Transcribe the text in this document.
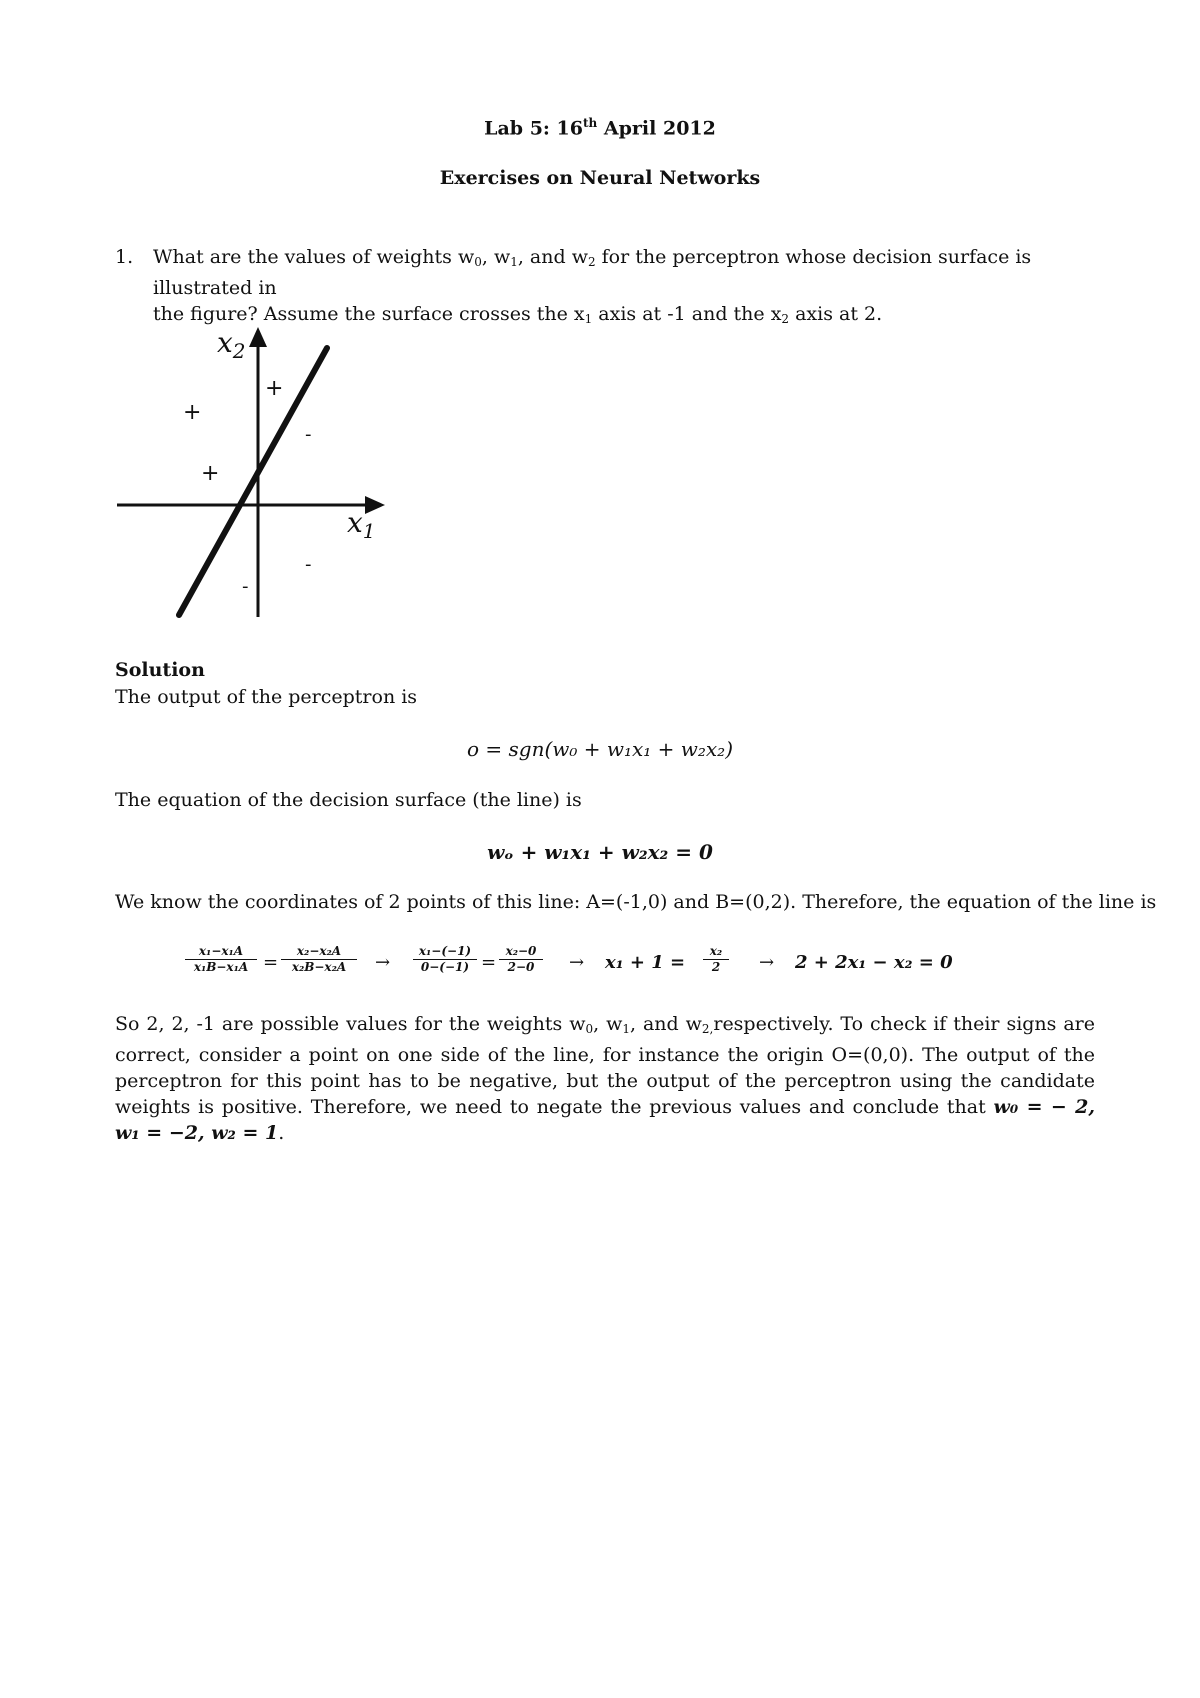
Lab 5: 16th April 2012
Exercises on Neural Networks
1. What are the values of weights $w_0$, $w_1$, and $w_2$ for the perceptron whose decision surface is illustrated in
the figure? Assume the surface crosses the $x_1$ axis at -1 and the $x_2$ axis at 2.
$x_2$
$x_1$
+
+
+
-
-
-
Solution
The output of the perceptron is
o = sgn(w₀ + w₁x₁ + w₂x₂)
The equation of the decision surface (the line) is
wₒ + w₁x₁ + w₂x₂ = 0
We know the coordinates of 2 points of this line: A=(-1,0) and B=(0,2). Therefore, the equation of the line is
$\frac{\text{x₁−x₁A}}{\text{x₁B−x₁A}} = \frac{\text{x₂−x₂A}}{\text{x₂B−x₂A}} \to \frac{\text{x₁−(−1)}}{0-(-1)} = \frac{\text{x₂−0}}{2-0} \to x_1 + 1 = \frac{\text{x₂}}{2} \to 2 + 2x_1 - x_2 = 0$
So 2, 2, -1 are possible values for the weights $w_0$, $w_1$, and $w_{2,}respectively$. To check if their signs are correct, consider a point on one side of the line, for instance the origin O=(0,0). The output of the perceptron for this point has to be negative, but the output of the perceptron using the candidate weights is positive. Therefore, we need to negate the previous values and conclude that w₀ = − 2, w₁ = −2, w₂ = 1.
